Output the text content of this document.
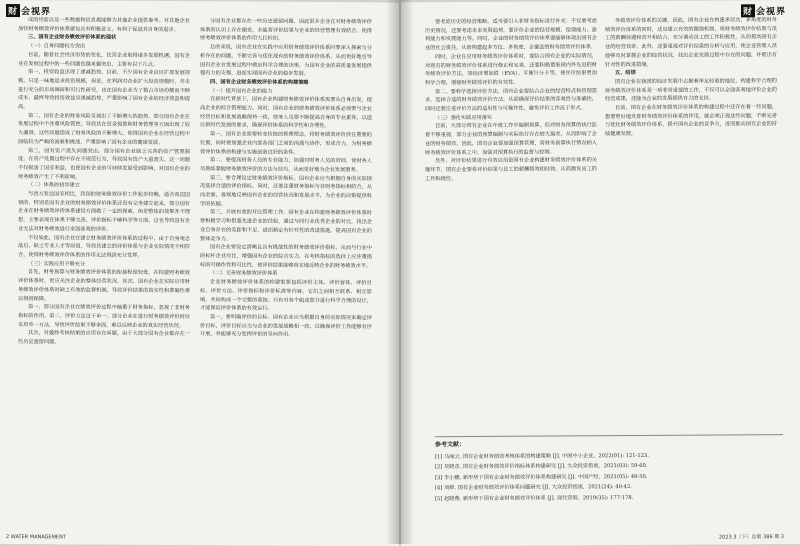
财 会视界

成的经验以及一些数据和信息都能够为其他企业提供参考。对其他企业加快财务绩效评价体系建设具有积极意义，有利于促进其自身的进步。

三、国有企业财务绩效评价体系的现状

（一）自身问题较为突出

目前，随着社会经济形势的变化，民营企业取得诸多发展机遇，国有企业在发展过程中的一些问题也越来越突出，主要有以下几点。

第一，投资收益出现了递减趋势。目前，不少国有企业盲目扩展发展规模，只是一味地追求投资规模，但是，在利润对企业扩大投资规模时，并未进行充分的市场调研和可行性研究，也在国有企业为了数占市场份额而不顾成本，最终导致投资效益呈递减趋势，严重影响了国有企业的经济效益和提高。

第二，国有企业的财务风险呈现出了不断增大的趋势。部分国有企业在发展过程中不注重风险管控，导致其在资金预算和财务管理等方面出现了较大漏洞。这些问题造成了财务风险的不断增大，使得国有企业在经营过程中面临较为严峻的困难和挑战，严重影响了国有企业的健康发展。

第三，国有资产流失问题突出。部分国有企业缺乏完善的资产管理制度，在资产处置过程中存在不规范行为，导致国有资产大量流失。这一问题不仅损害了国家利益，也使国有企业的可持续发展受到影响，对国有企业的财务绩效产生了不利影响。

（二）体系的初步建立

与西方发达国家相比，我国的财务绩效评价工作起步较晚，适合我国国情的，特别是国有企业的财务绩效评价体系还没有完全建立起来，部分国有企业在财务绩效评价体系建设方面做了一定的探索，但是整体的效果并不理想，主要表现在体系不够完善、评价指标不够科学等方面，这也导致国有企业无法对财务绩效进行全面客观的评价。

不仅如此，国有企业在建立财务绩效评价体系的过程中，由于自身观念落后、缺乏专业人才等原因，导致其建立的评价体系与企业实际情况不相符合，使得财务绩效评价体系的作用无法得到充分发挥。

（三）实践应用不够充分

首先，财务预算与财务绩效评价体系的衔接程度较低，在构建财务绩效评价体系时，更应关注企业的整体经营状况。其次，国有企业在实际应用财务绩效评价体系时缺乏有效的监督机制，导致评价结果的真实性和准确性难以得到保障。

第一，部分国有企业在绩效评价过程中偏重于财务指标，忽视了非财务指标的作用。第二，评价方法过于单一。部分企业在进行财务绩效评价时仅采用单一方法，导致评价结果不够全面，难以反映企业的真实经营状况。

其次，对最终考核结果的应用存在问题，由于大部分国有企业都存在一些历史遗留问题。

分国有企业都存在一些历史遗留问题，因此很多企业在对财务绩效评价体系的认识上存在偏差，未能将评价结果与企业的经营管理有效结合，使得财务绩效评价体系的作用大打折扣。

总的来说，国有企业在实践中应用财务绩效评价体系时要深入探索与分析存在的问题，不断完善与优化现有的财务绩效评价体系，从而更好地引导国有企业在发展过程中做出科学合理的决策，为国有企业的高质量发展提供强有力的支撑，进而实现国有企业的稳步发展。

四、国有企业财务绩效评价体系的构建策略

（一）提升国有企业的能力

在新时代背景下，国有企业构建财务绩效评价体系需要从自身出发，提高企业的综合管理能力。同时，国有企业的财务绩效评价体系必须要与企业经营目标和发展战略保持一致，财务人员要不断提高自身的专业素养，以适应新时代发展的要求，确保评价体系的科学性和合理性。

第一，国有企业需要转变传统的管理理念，将财务绩效评价放在重要的位置，同时要加强企业内部各部门之间的沟通与协作，形成合力，为财务绩效评价体系的构建与实施创造良好的条件。

第二，要提高财务人员的专业能力，加强对财务人员的培训，使财务人员熟练掌握财务绩效评价的方法与技巧，从而更好地为企业发展服务。

第三，要合理设定财务绩效评价指标。国有企业应当根据自身的实际情况选择合适的评价指标，同时，还要注重财务指标与非财务指标相结合，从而全面、客观地反映国有企业的经营状况和发展水平，为企业的决策提供科学的依据。

第三，开展有效的对比管理工作。国有企业在构建财务绩效评价体系时要积极学习和借鉴先进企业的经验，通过与同行业优秀企业的对比，找出企业自身存在的差距和不足，进而制定有针对性的改进措施，提高国有企业的整体竞争力。

国有企业要设定清晰且具有挑战性的财务绩效评价指标，从而与行业中的标杆企业对比，增强国有企业的综合实力，在考核指标的选择上应注重指标的可操作性和可比性，使评价结果能够真实地反映企业的财务绩效水平。

（二）完善财务绩效评价体系

企业财务绩效评价体系的构建需要包括评价主体、评价客体、评价目标、评价方法、评价指标和评价标准等内容，它们之间相互联系、相互影响，共同构成一个完整的系统。只有对各个组成部分进行科学合理的设计，才能保证评价体系的有效运行。

第一，要明确评价的目标。国有企业应当根据自身的实际情况来确定评价目标，评价目标应当与企业的发展战略相一致，以确保评价工作能够有序开展，并能够充分发挥评价的导向作用。

2 WATER MANAGEMENT
财 会视界

要考虑历史的经营策略，适当要引入非财务指标进行补充：不仅要考虑历史情况，还要考虑未来发展趋势，要评价企业的经营规模、偿债能力、盈利能力和发展能力等。同时，企业的财务绩效评价体系要能够体现出国有企业的社会责任，从而构建起多方位、多角度、全覆盖的财务绩效评价体系。

同时，企业在应用财务绩效评价体系时，要结合国有企业的实际情况，对现有的财务绩效评价体系进行修正和完善，还要积极借鉴国内外先进的财务绩效评价方法，如经济增加值（EVA）、平衡计分卡等，使评价结果更加科学合理，增强财务绩效评价的有效性。

第二，要科学选择评价方法。国有企业要结合企业的经营特点和管理需求，选择合适的财务绩效评价方法，从而确保评价结果的客观性与准确性，同时还要注重评价方法的适用性与可操作性，避免评价工作流于形式。

（三）强化实践应用落实

目前，大部分国有企业在年度工作中编制预算，但对财务预算的执行监督不够重视，部分企业的预算编制与实际执行存在较大偏差，从而影响了企业的财务绩效。因此，国有企业要加强预算管理，将财务预算执行情况纳入财务绩效评价体系之中，加强对预算执行的监督与控制。

另外，对评价结果进行有效应用是国有企业构建财务绩效评价体系的关键环节，国有企业要将评价结果与员工的薪酬绩效相挂钩，从而激发员工的工作积极性。

务绩效评价体系的关键，因此，国有企业在构建多层次、多角度的财务绩效评价体系的同时，还应建立有效的激励机制，将财务绩效评价结果与员工的薪酬待遇和晋升相结合，充分调动员工的工作积极性，从而提高国有企业的经营效率。此外，还要重视对评价结果的分析与应用，使企业管理人员能够及时掌握企业的经营状况，找出企业发展过程中存在的问题，并提出有针对性的改进措施。

五、结语

国有企业在我国的经济发展中占据着举足轻重的地位，构建科学合理的财务绩效评价体系是一项非常重要的工作，不仅可以全面客观地评价企业的经营成果，还能为企业的发展提供有力的支持。

目前，国有企业在财务绩效评价体系的构建过程中还存在着一些问题，想要更好地发挥财务绩效评价体系的作用，就必须正视这些问题，不断完善与优化财务绩效评价体系，提升国有企业的竞争力，进而推动国有企业的持续健康发展。

参考文献：
[1] 马丽云. 国有企业财务绩效考核体系的构建策略 [J]. 中国中小企业，2022(01): 121-123.
[2] 吴晓彦. 国有企业财务绩效评价指标体系构建研究 [J]. 大众投资指南，2021(03): 59-60.
[3] 李小鹏. 新形势下国有企业财务绩效评价体系构建研究 [J]. 中国产经，2021(05): 49-50.
[4] 刘婵. 国有企业财务绩效评价体系问题研究 [J]. 大众投资指南，2021(24): 40-42.
[5] 赵晓燕. 新形势下国有企业财务绩效评价体系 [J]. 现代营销，2019(35): 177-178.
2023.3（下）总第 386 期 3
